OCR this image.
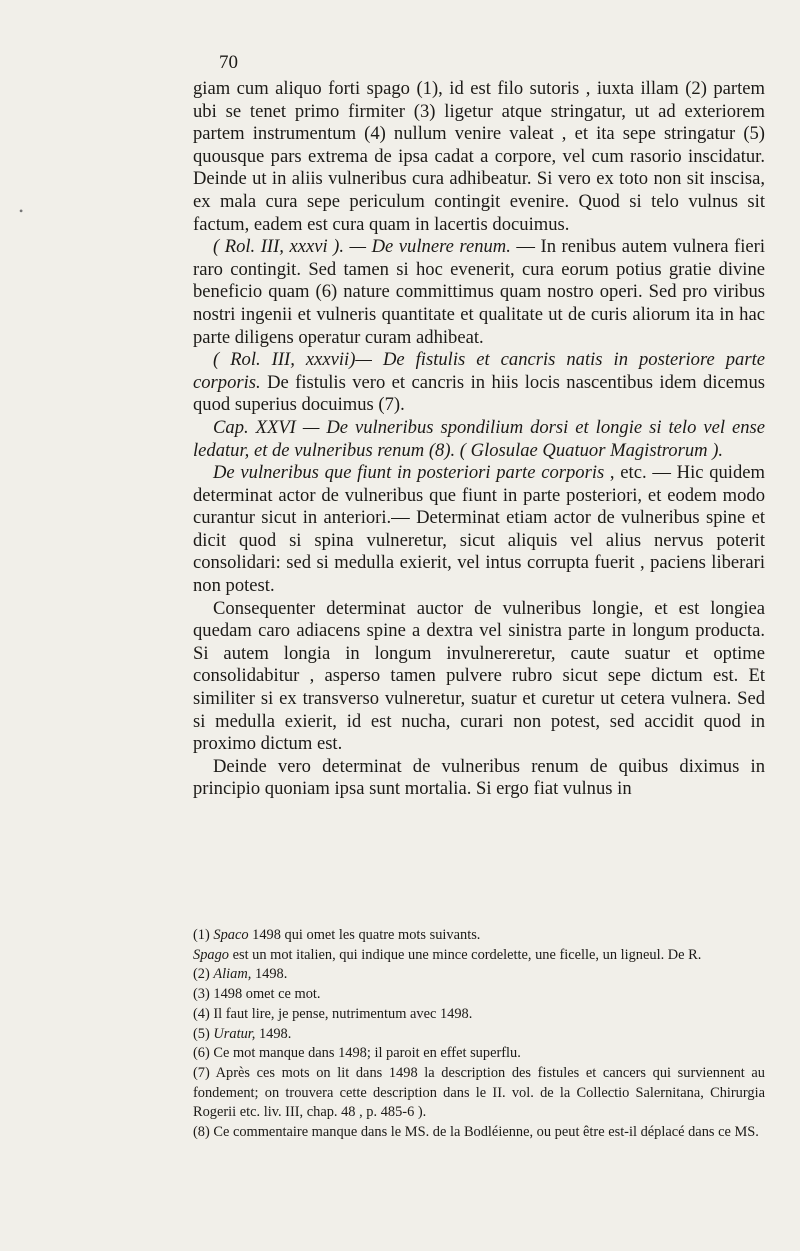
•
70

giam cum aliquo forti spago (1), id est filo sutoris , iuxta illam (2) partem ubi se tenet primo firmiter (3) ligetur atque stringatur, ut ad exteriorem partem instrumentum (4) nullum venire valeat , et ita sepe stringatur (5) quousque pars extrema de ipsa cadat a corpore, vel cum rasorio inscidatur. Deinde ut in aliis vulneribus cura adhibeatur. Si vero ex toto non sit inscisa, ex mala cura sepe periculum contingit evenire. Quod si telo vulnus sit factum, eadem est cura quam in lacertis docuimus.

( Rol. III, xxxvi ). — De vulnere renum. — In renibus autem vulnera fieri raro contingit. Sed tamen si hoc evenerit, cura eorum potius gratie divine beneficio quam (6) nature committimus quam nostro operi. Sed pro viribus nostri ingenii et vulneris quantitate et qualitate ut de curis aliorum ita in hac parte diligens operatur curam adhibeat.

( Rol. III, xxxvii)— De fistulis et cancris natis in posteriore parte corporis. De fistulis vero et cancris in hiis locis nascentibus idem dicemus quod superius docuimus (7).

Cap. XXVI — De vulneribus spondilium dorsi et longie si telo vel ense ledatur, et de vulneribus renum (8). ( Glosulae Quatuor Magistrorum ).

De vulneribus que fiunt in posteriori parte corporis , etc. — Hic quidem determinat actor de vulneribus que fiunt in parte posteriori, et eodem modo curantur sicut in anteriori.— Determinat etiam actor de vulneribus spine et dicit quod si spina vulneretur, sicut aliquis vel alius nervus poterit consolidari: sed si medulla exierit, vel intus corrupta fuerit , paciens liberari non potest.

Consequenter determinat auctor de vulneribus longie, et est longiea quedam caro adiacens spine a dextra vel sinistra parte in longum producta. Si autem longia in longum invulnereretur, caute suatur et optime consolidabitur , asperso tamen pulvere rubro sicut sepe dictum est. Et similiter si ex transverso vulneretur, suatur et curetur ut cetera vulnera. Sed si medulla exierit, id est nucha, curari non potest, sed accidit quod in proximo dictum est.

Deinde vero determinat de vulneribus renum de quibus diximus in principio quoniam ipsa sunt mortalia. Si ergo fiat vulnus in

(1) Spaco 1498 qui omet les quatre mots suivants.

Spago est un mot italien, qui indique une mince cordelette, une ficelle, un ligneul. De R.

(2) Aliam, 1498.

(3) 1498 omet ce mot.

(4) Il faut lire, je pense, nutrimentum avec 1498.

(5) Uratur, 1498.

(6) Ce mot manque dans 1498; il paroit en effet superflu.

(7) Après ces mots on lit dans 1498 la description des fistules et cancers qui surviennent au fondement; on trouvera cette description dans le II. vol. de la Collectio Salernitana, Chirurgia Rogerii etc. liv. III, chap. 48 , p. 485-6 ).

(8) Ce commentaire manque dans le MS. de la Bodléienne, ou peut être est-il déplacé dans ce MS.
